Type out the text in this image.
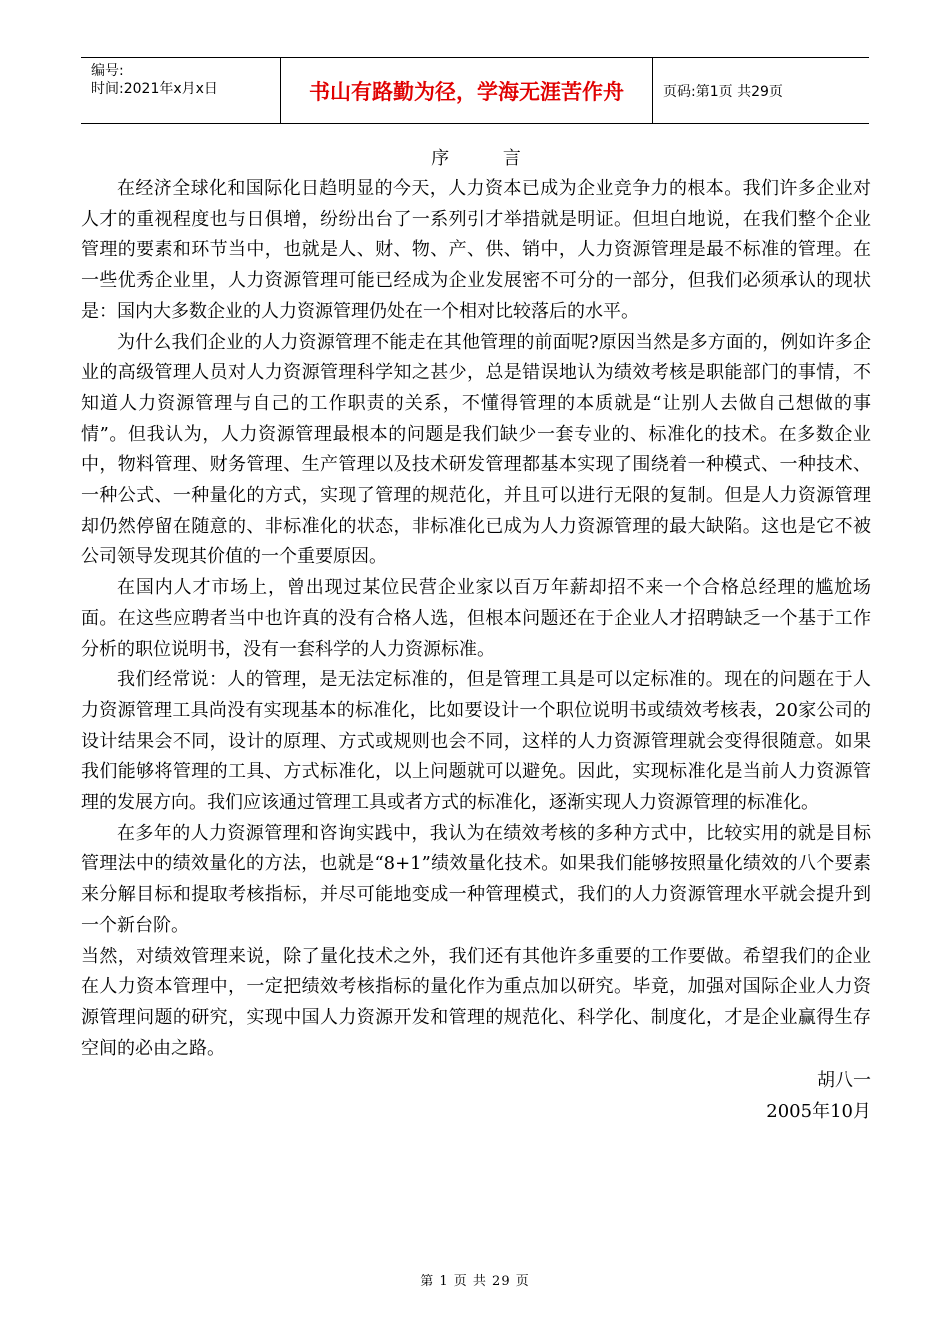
编号:
时间:2021年x月x日	书山有路勤为径，学海无涯苦作舟	页码:第1页 共29页
序 言

在经济全球化和国际化日趋明显的今天，人力资本已成为企业竞争力的根本。我们许多企业对人才的重视程度也与日俱增，纷纷出台了一系列引才举措就是明证。但坦白地说，在我们整个企业管理的要素和环节当中，也就是人、财、物、产、供、销中，人力资源管理是最不标准的管理。在一些优秀企业里，人力资源管理可能已经成为企业发展密不可分的一部分，但我们必须承认的现状是：国内大多数企业的人力资源管理仍处在一个相对比较落后的水平。

为什么我们企业的人力资源管理不能走在其他管理的前面呢?原因当然是多方面的，例如许多企业的高级管理人员对人力资源管理科学知之甚少，总是错误地认为绩效考核是职能部门的事情，不知道人力资源管理与自己的工作职责的关系，不懂得管理的本质就是“让别人去做自己想做的事情”。但我认为，人力资源管理最根本的问题是我们缺少一套专业的、标准化的技术。在多数企业中，物料管理、财务管理、生产管理以及技术研发管理都基本实现了围绕着一种模式、一种技术、一种公式、一种量化的方式，实现了管理的规范化，并且可以进行无限的复制。但是人力资源管理却仍然停留在随意的、非标准化的状态，非标准化已成为人力资源管理的最大缺陷。这也是它不被公司领导发现其价值的一个重要原因。

在国内人才市场上，曾出现过某位民营企业家以百万年薪却招不来一个合格总经理的尴尬场面。在这些应聘者当中也许真的没有合格人选，但根本问题还在于企业人才招聘缺乏一个基于工作分析的职位说明书，没有一套科学的人力资源标准。

我们经常说：人的管理，是无法定标准的，但是管理工具是可以定标准的。现在的问题在于人力资源管理工具尚没有实现基本的标准化，比如要设计一个职位说明书或绩效考核表，20家公司的设计结果会不同，设计的原理、方式或规则也会不同，这样的人力资源管理就会变得很随意。如果我们能够将管理的工具、方式标准化，以上问题就可以避免。因此，实现标准化是当前人力资源管理的发展方向。我们应该通过管理工具或者方式的标准化，逐渐实现人力资源管理的标准化。

在多年的人力资源管理和咨询实践中，我认为在绩效考核的多种方式中，比较实用的就是目标管理法中的绩效量化的方法，也就是“8+1”绩效量化技术。如果我们能够按照量化绩效的八个要素来分解目标和提取考核指标，并尽可能地变成一种管理模式，我们的人力资源管理水平就会提升到一个新台阶。

当然，对绩效管理来说，除了量化技术之外，我们还有其他许多重要的工作要做。希望我们的企业在人力资本管理中，一定把绩效考核指标的量化作为重点加以研究。毕竟，加强对国际企业人力资源管理问题的研究，实现中国人力资源开发和管理的规范化、科学化、制度化，才是企业赢得生存空间的必由之路。

胡八一
2005年10月
第 1 页 共 29 页
